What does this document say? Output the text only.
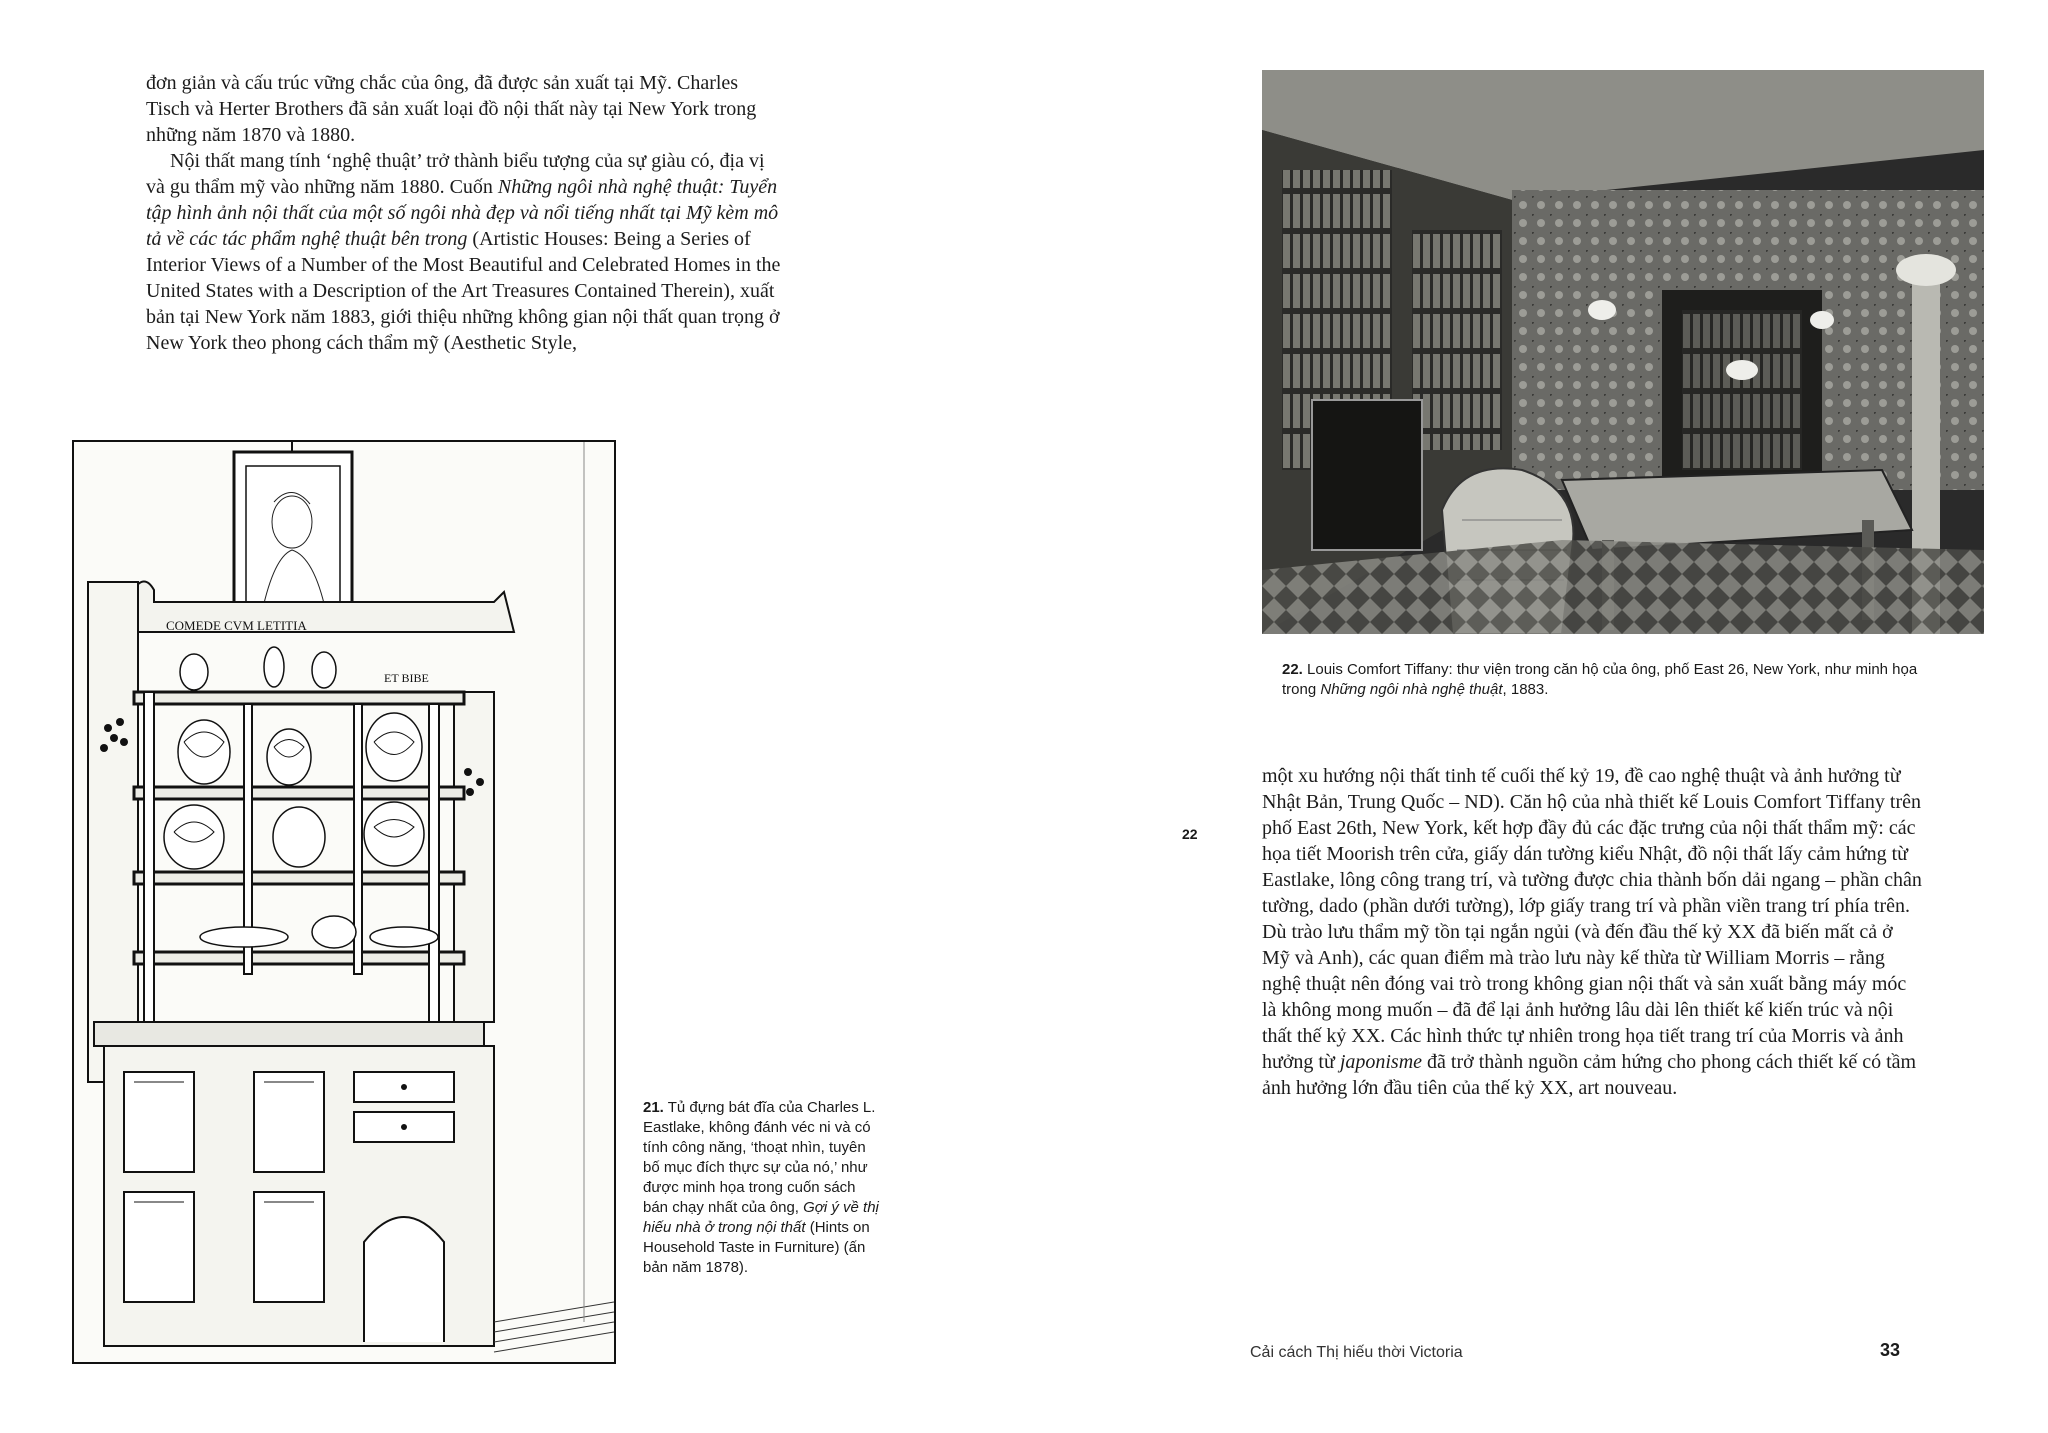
đơn giản và cấu trúc vững chắc của ông, đã được sản xuất tại Mỹ. Charles Tisch và Herter Brothers đã sản xuất loại đồ nội thất này tại New York trong những năm 1870 và 1880.

Nội thất mang tính ‘nghệ thuật’ trở thành biểu tượng của sự giàu có, địa vị và gu thẩm mỹ vào những năm 1880. Cuốn Những ngôi nhà nghệ thuật: Tuyển tập hình ảnh nội thất của một số ngôi nhà đẹp và nổi tiếng nhất tại Mỹ kèm mô tả về các tác phẩm nghệ thuật bên trong (Artistic Houses: Being a Series of Interior Views of a Number of the Most Beautiful and Celebrated Homes in the United States with a Description of the Art Treasures Contained Therein), xuất bản tại New York năm 1883, giới thiệu những không gian nội thất quan trọng ở New York theo phong cách thẩm mỹ (Aesthetic Style,

COMEDE CVM LETITIA
ET BIBE
21. Tủ đựng bát đĩa của Charles L. Eastlake, không đánh véc ni và có tính công năng, ‘thoạt nhìn, tuyên bố mục đích thực sự của nó,’ như được minh họa trong cuốn sách bán chạy nhất của ông, Gợi ý về thị hiếu nhà ở trong nội thất (Hints on Household Taste in Furniture) (ấn bản năm 1878).
22. Louis Comfort Tiffany: thư viện trong căn hộ của ông, phố East 26, New York, như minh họa trong Những ngôi nhà nghệ thuật, 1883.
22

một xu hướng nội thất tinh tế cuối thế kỷ 19, đề cao nghệ thuật và ảnh hưởng từ Nhật Bản, Trung Quốc – ND). Căn hộ của nhà thiết kế Louis Comfort Tiffany trên phố East 26th, New York, kết hợp đầy đủ các đặc trưng của nội thất thẩm mỹ: các họa tiết Moorish trên cửa, giấy dán tường kiểu Nhật, đồ nội thất lấy cảm hứng từ Eastlake, lông công trang trí, và tường được chia thành bốn dải ngang – phần chân tường, dado (phần dưới tường), lớp giấy trang trí và phần viền trang trí phía trên. Dù trào lưu thẩm mỹ tồn tại ngắn ngủi (và đến đầu thế kỷ XX đã biến mất cả ở Mỹ và Anh), các quan điểm mà trào lưu này kế thừa từ William Morris – rằng nghệ thuật nên đóng vai trò trong không gian nội thất và sản xuất bằng máy móc là không mong muốn – đã để lại ảnh hưởng lâu dài lên thiết kế kiến trúc và nội thất thế kỷ XX. Các hình thức tự nhiên trong họa tiết trang trí của Morris và ảnh hưởng từ japonisme đã trở thành nguồn cảm hứng cho phong cách thiết kế có tầm ảnh hưởng lớn đầu tiên của thế kỷ XX, art nouveau.

Cải cách Thị hiếu thời Victoria	33
